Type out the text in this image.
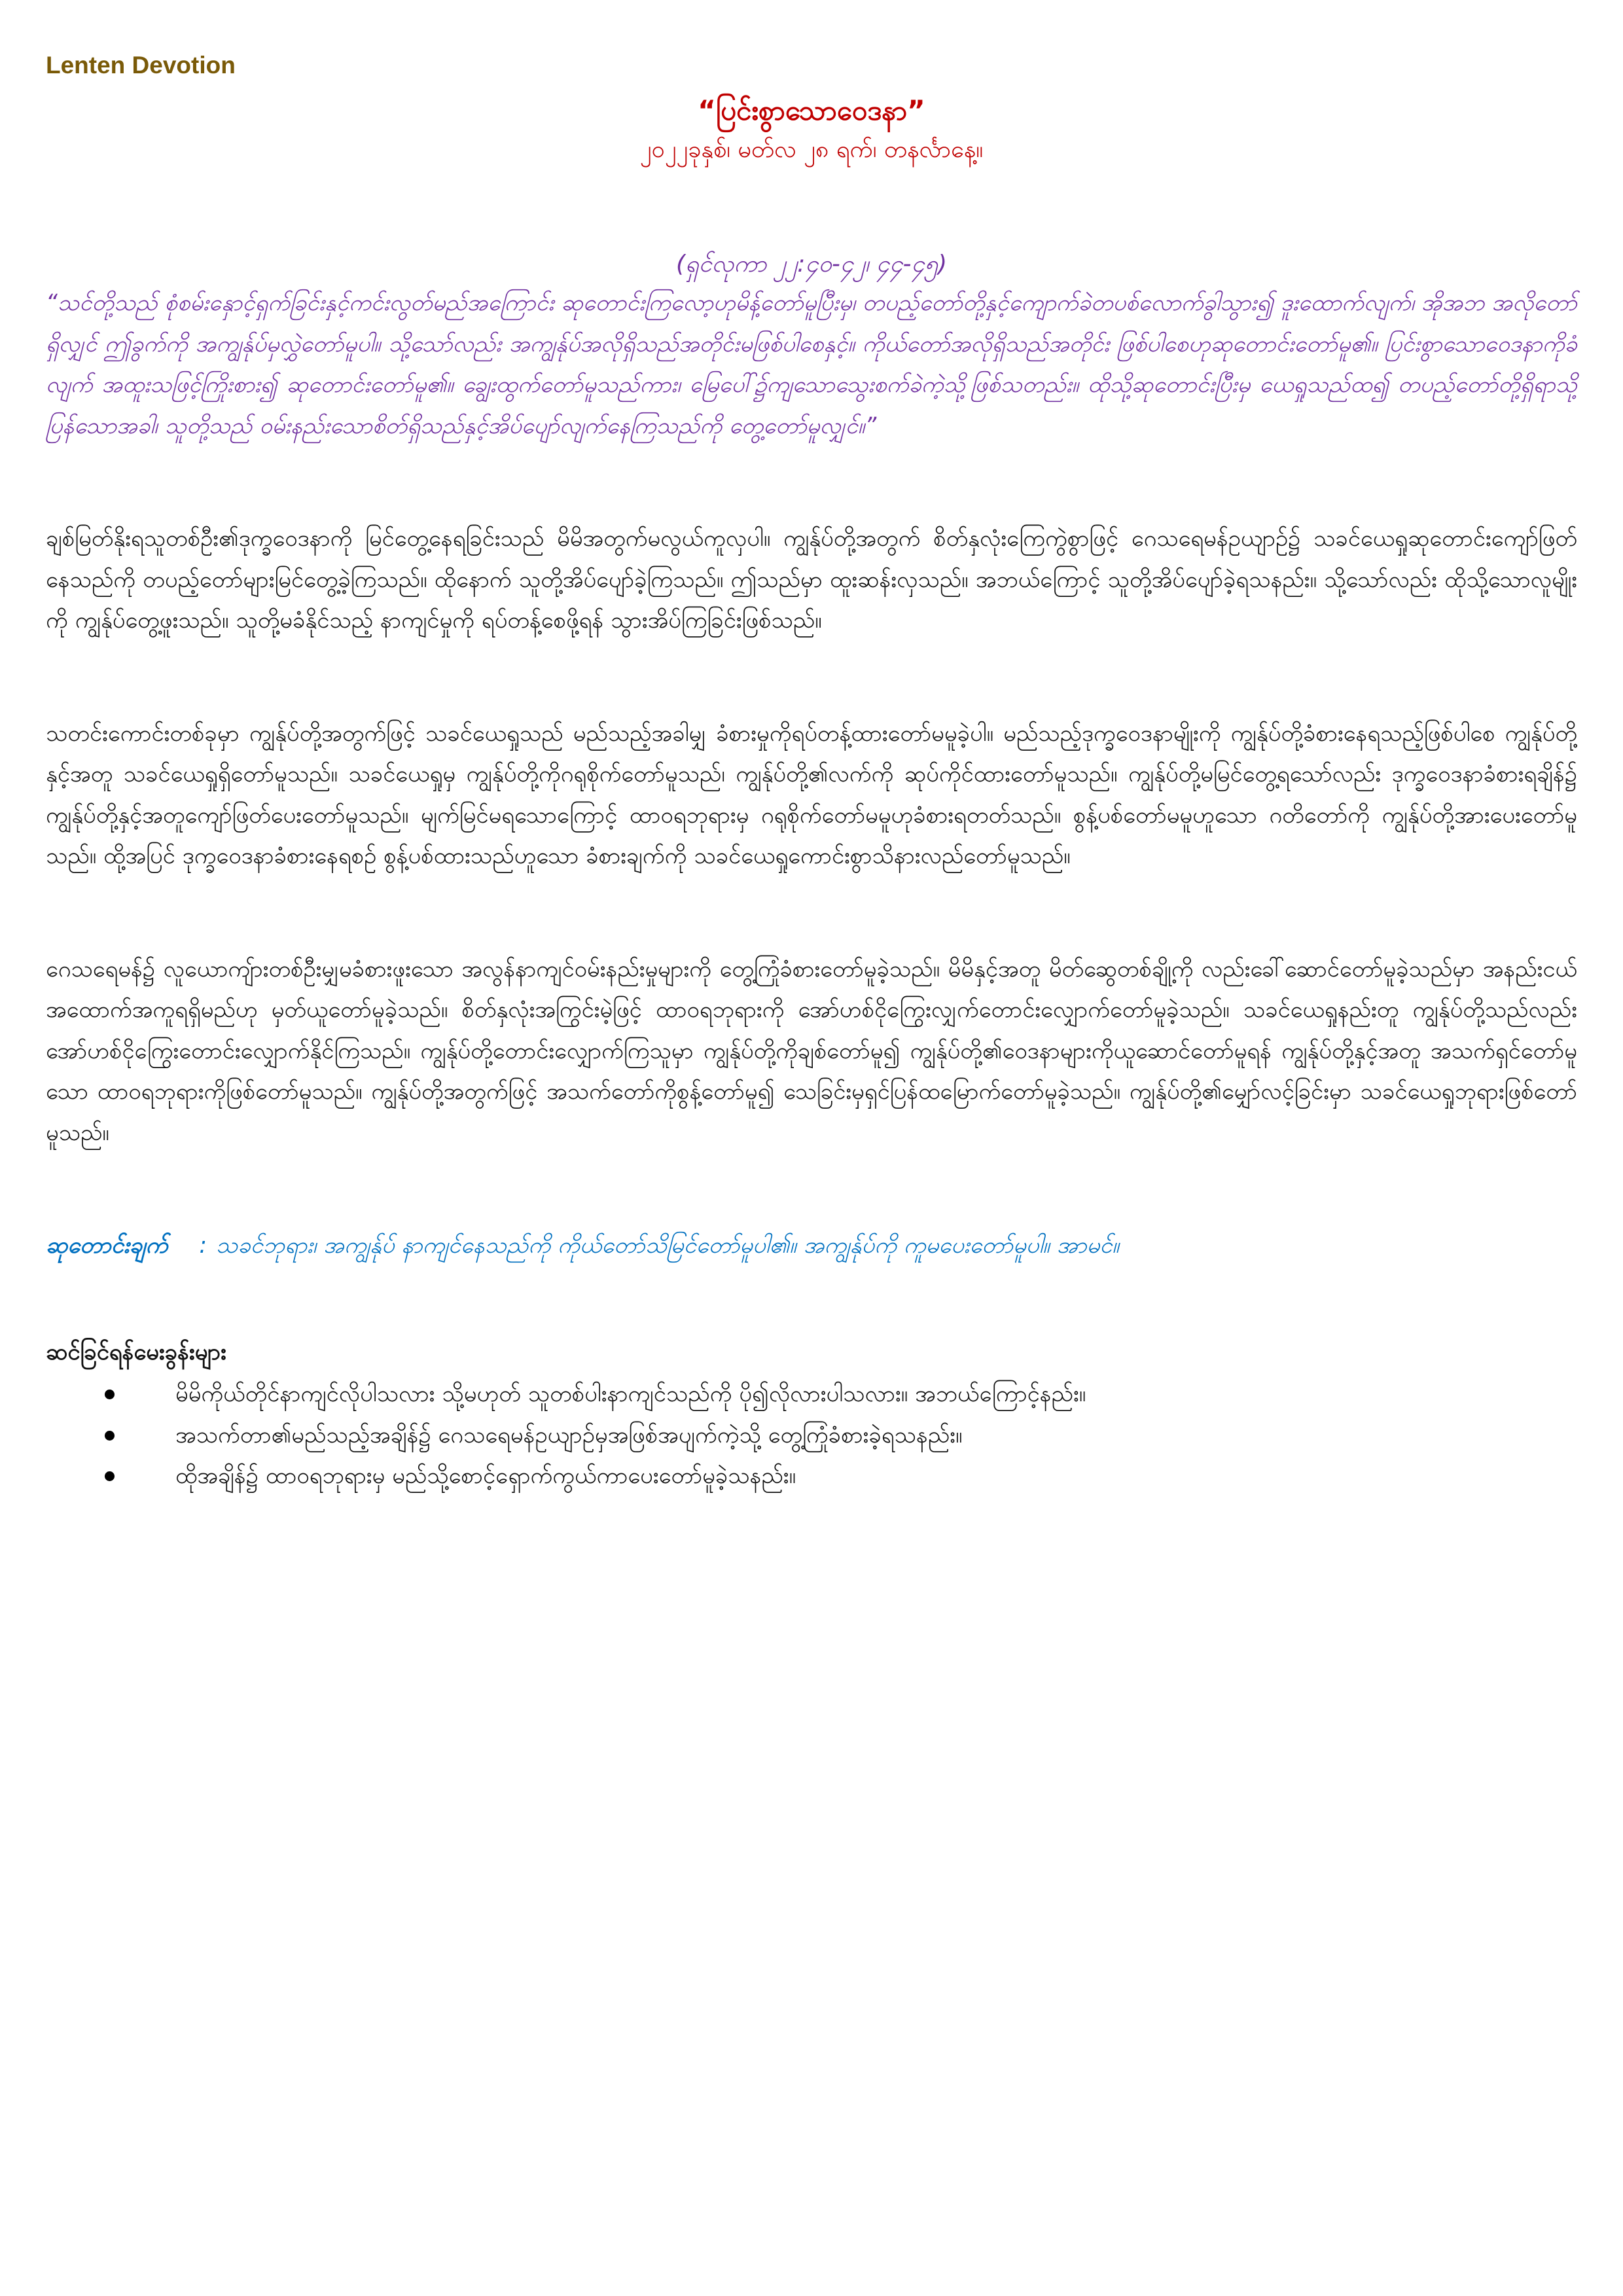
Lenten Devotion
“ပြင်းစွာသောဝေဒနာ”
၂၀၂၂ခုနှစ်၊ မတ်လ ၂၈ ရက်၊ တနင်္လာနေ့။
(ရှင်လုကာ ၂၂:၄၀-၄၂၊ ၄၄-၄၅)
“သင်တို့သည် စုံစမ်းနှောင့်ရှက်ခြင်းနှင့်ကင်းလွတ်မည်အကြောင်း ဆုတောင်းကြလော့ဟုမိန့်တော်မူပြီးမှ၊ တပည့်တော်တို့နှင့်ကျောက်ခဲတပစ်လောက်ခွါသွား၍ ဒူးထောက်လျက်၊ အိုအဘ အလိုတော်ရှိလျှင် ဤခွက်ကို အကျွန်ုပ်မှလွှဲတော်မူပါ။ သို့သော်လည်း အကျွန်ုပ်အလိုရှိသည်အတိုင်းမဖြစ်ပါစေနှင့်။ ကိုယ်တော်အလိုရှိသည်အတိုင်း ဖြစ်ပါစေဟုဆုတောင်းတော်မူ၏။ ပြင်းစွာသောဝေဒနာကိုခံလျက် အထူးသဖြင့်ကြိုးစား၍ ဆုတောင်းတော်မူ၏။ ချွေးထွက်တော်မူသည်ကား၊ မြေပေါ်၌ကျသောသွေးစက်ခဲကဲ့သို့ဖြစ်သတည်း။ ထိုသို့ဆုတောင်းပြီးမှ ယေရှုသည်ထ၍ တပည့်တော်တို့ရှိရာသို့ပြန်သောအခါ၊ သူတို့သည် ဝမ်းနည်းသောစိတ်ရှိသည်နှင့်အိပ်ပျော်လျက်နေကြသည်ကို တွေ့တော်မူလျှင်။”

ချစ်မြတ်နိုးရသူတစ်ဦး၏ဒုက္ခဝေဒနာကို မြင်တွေ့နေရခြင်းသည် မိမိအတွက်မလွယ်ကူလှပါ။ ကျွန်ုပ်တို့အတွက် စိတ်နှလုံးကြေကွဲစွာဖြင့် ဂေသရေမန်ဥယျာဉ်၌ သခင်ယေရှုဆုတောင်းကျော်ဖြတ်နေသည်ကို တပည့်တော်များမြင်တွေ့ခဲ့ကြသည်။ ထိုနောက် သူတို့အိပ်ပျော်ခဲ့ကြသည်။ ဤသည်မှာ ထူးဆန်းလှသည်။ အဘယ်ကြောင့် သူတို့အိပ်ပျော်ခဲ့ရသနည်း။ သို့သော်လည်း ထိုသို့သောလူမျိုးကို ကျွန်ုပ်တွေ့ဖူးသည်။ သူတို့မခံနိုင်သည့် နာကျင်မှုကို ရပ်တန့်စေဖို့ရန် သွားအိပ်ကြခြင်းဖြစ်သည်။

သတင်းကောင်းတစ်ခုမှာ ကျွန်ုပ်တို့အတွက်ဖြင့် သခင်ယေရှုသည် မည်သည့်အခါမျှ ခံစားမှုကိုရပ်တန့်ထားတော်မမူခဲ့ပါ။ မည်သည့်ဒုက္ခဝေဒနာမျိုးကို ကျွန်ုပ်တို့ခံစားနေရသည့်ဖြစ်ပါစေ ကျွန်ုပ်တို့နှင့်အတူ သခင်ယေရှုရှိတော်မူသည်။ သခင်ယေရှုမှ ကျွန်ုပ်တို့ကိုဂရုစိုက်တော်မူသည်၊ ကျွန်ုပ်တို့၏လက်ကို ဆုပ်ကိုင်ထားတော်မူသည်။ ကျွန်ုပ်တို့မမြင်တွေ့ရသော်လည်း ဒုက္ခဝေဒနာခံစားရချိန်၌ ကျွန်ုပ်တို့နှင့်အတူကျော်ဖြတ်ပေးတော်မူသည်။ မျက်မြင်မရသောကြောင့် ထာဝရဘုရားမှ ဂရုစိုက်တော်မမူဟုခံစားရတတ်သည်။ စွန့်ပစ်တော်မမူဟူသော ဂတိတော်ကို ကျွန်ုပ်တို့အားပေးတော်မူသည်။ ထို့အပြင် ဒုက္ခဝေဒနာခံစားနေရစဉ် စွန့်ပစ်ထားသည်ဟူသော ခံစားချက်ကို သခင်ယေရှုကောင်းစွာသိနားလည်တော်မူသည်။

ဂေသရေမန်၌ လူယောကျ်ားတစ်ဦးမျှမခံစားဖူးသော အလွန်နာကျင်ဝမ်းနည်းမှုများကို တွေ့ကြုံခံစားတော်မူခဲ့သည်။ မိမိနှင့်အတူ မိတ်ဆွေတစ်ချို့ကို လည်းခေါ်ဆောင်တော်မူခဲ့သည်မှာ အနည်းငယ်အထောက်အကူရရှိမည်ဟု မှတ်ယူတော်မူခဲ့သည်။ စိတ်နှလုံးအကြွင်းမဲ့ဖြင့် ထာဝရဘုရားကို အော်ဟစ်ငိုကြွေးလျှက်တောင်းလျှောက်တော်မူခဲ့သည်။ သခင်ယေရှုနည်းတူ ကျွန်ုပ်တို့သည်လည်း အော်ဟစ်ငိုကြွေးတောင်းလျှောက်နိုင်ကြသည်။ ကျွန်ုပ်တို့တောင်းလျှောက်ကြသူမှာ ကျွန်ုပ်တို့ကိုချစ်တော်မူ၍ ကျွန်ုပ်တို့၏ဝေဒနာများကိုယူဆောင်တော်မူရန် ကျွန်ုပ်တို့နှင့်အတူ အသက်ရှင်တော်မူသော ထာဝရဘုရားကိုဖြစ်တော်မူသည်။ ကျွန်ုပ်တို့အတွက်ဖြင့် အသက်တော်ကိုစွန့်တော်မူ၍ သေခြင်းမှရှင်ပြန်ထမြောက်တော်မူခဲ့သည်။ ကျွန်ုပ်တို့၏မျှော်လင့်ခြင်းမှာ သခင်ယေရှုဘုရားဖြစ်တော်မူသည်။

ဆုတောင်းချက် : သခင်ဘုရား၊ အကျွန်ုပ် နာကျင်နေသည်ကို ကိုယ်တော်သိမြင်တော်မူပါ၏။ အကျွန်ုပ်ကို ကူမပေးတော်မူပါ။ အာမင်။
ဆင်ခြင်ရန်မေးခွန်းများ
မိမိကိုယ်တိုင်နာကျင်လိုပါသလား သို့မဟုတ် သူတစ်ပါးနာကျင်သည်ကို ပို၍လိုလားပါသလား။ အဘယ်ကြောင့်နည်း။
အသက်တာ၏မည်သည့်အချိန်၌ ဂေသရေမန်ဥယျာဉ်မှအဖြစ်အပျက်ကဲ့သို့ တွေ့ကြုံခံစားခဲ့ရသနည်း။
ထိုအချိန်၌ ထာဝရဘုရားမှ မည်သို့စောင့်ရှောက်ကွယ်ကာပေးတော်မူခဲ့သနည်း။
